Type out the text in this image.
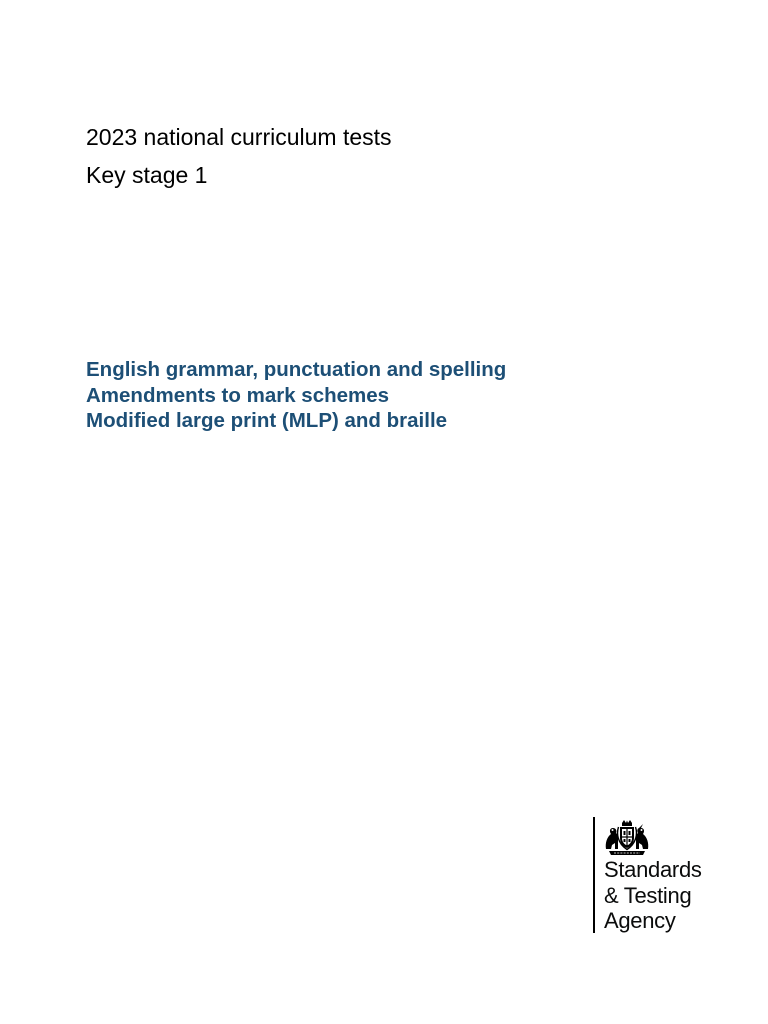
2023 national curriculum tests
Key stage 1
English grammar, punctuation and spelling
Amendments to mark schemes
Modified large print (MLP) and braille
Standards
& Testing
Agency
